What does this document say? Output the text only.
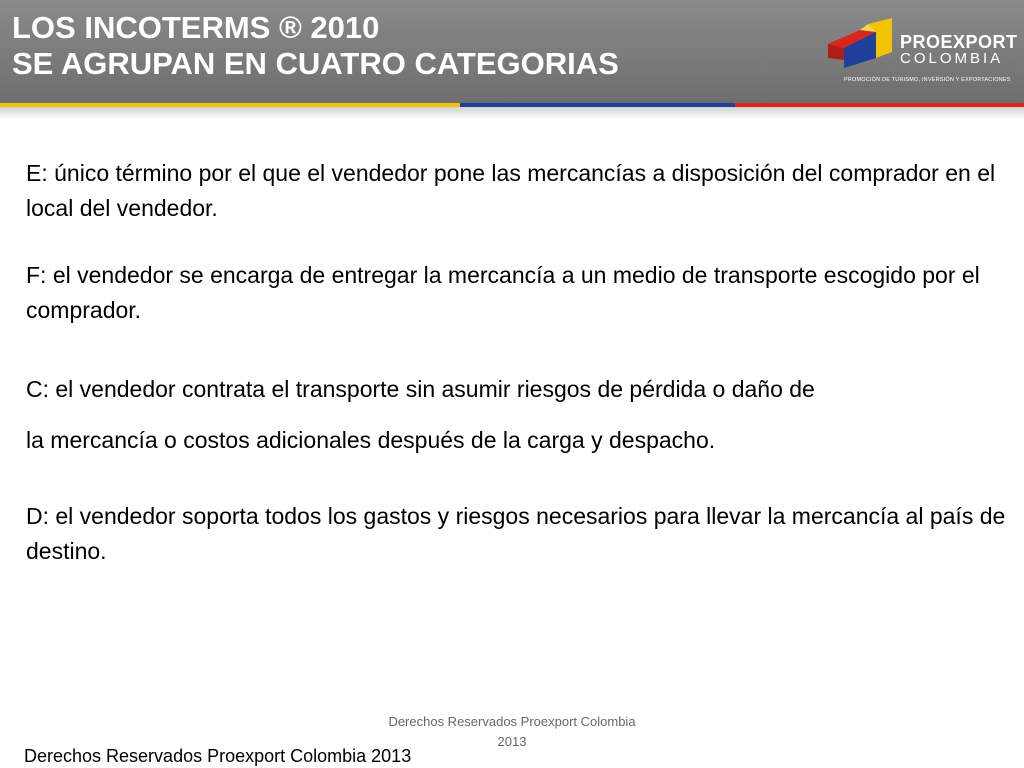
LOS INCOTERMS ® 2010
SE AGRUPAN EN CUATRO CATEGORIAS
PROEXPORT
COLOMBIA
PROMOCIÓN DE TURISMO, INVERSIÓN Y EXPORTACIONES

E: único término por el que el vendedor pone las mercancías a disposición del comprador en el local del vendedor.

F: el vendedor se encarga de entregar la mercancía a un medio de transporte escogido por el comprador.

C: el vendedor contrata el transporte sin asumir riesgos de pérdida o daño de

la mercancía o costos adicionales después de la carga y despacho.

D: el vendedor soporta todos los gastos y riesgos necesarios para llevar la mercancía al país de destino.

Derechos Reservados Proexport Colombia
2013
Derechos Reservados Proexport Colombia 2013
